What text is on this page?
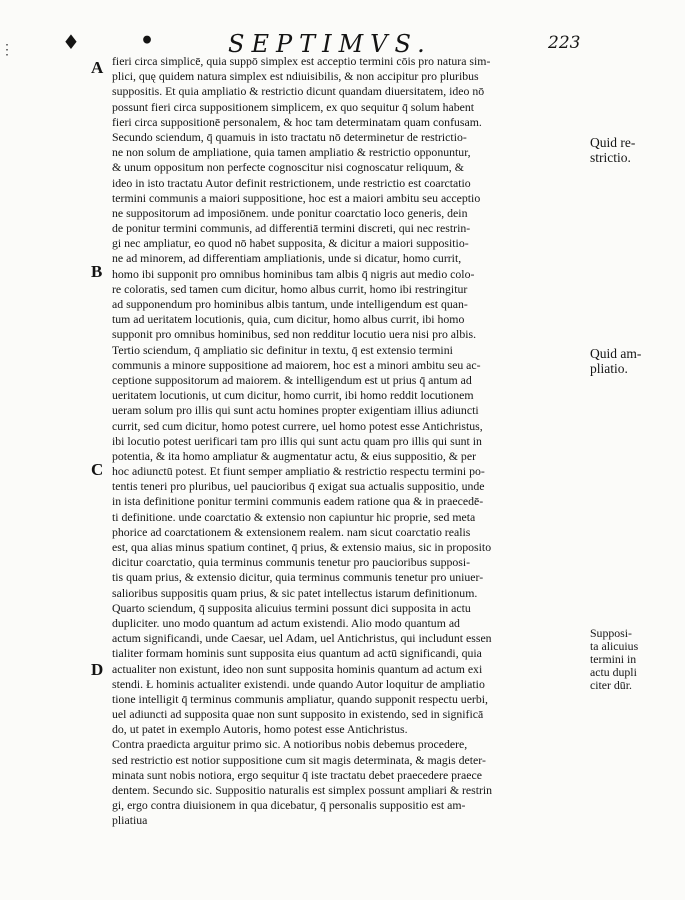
⋮ ♦	•	SEPTIMVS.	223
A
B
C
D
Quid re-
strictio.
Quid am-
pliatio.
Supposi-
ta alicuius
termini in
actu dupli
citer dūr.
fieri circa simplicē, quia suppō simplex est acceptio termini cōis pro natura sim-
plici, quę quidem natura simplex est ndiuisibilis, & non accipitur pro pluribus
suppositis. Et quia ampliatio & restrictio dicunt quandam diuersitatem, ideo nō
possunt fieri circa suppositionem simplicem, ex quo sequitur q̄ solum habent
fieri circa suppositionē personalem, & hoc tam determinatam quam confusam.
Secundo sciendum, q̄ quamuis in isto tractatu nō determinetur de restrictio-
ne non solum de ampliatione, quia tamen ampliatio & restrictio opponuntur,
& unum oppositum non perfecte cognoscitur nisi cognoscatur reliquum, &
ideo in isto tractatu Autor definit restrictionem, unde restrictio est coarctatio
termini communis a maiori suppositione, hoc est a maiori ambitu seu acceptio
ne suppositorum ad imposiōnem. unde ponitur coarctatio loco generis, dein
de ponitur termini communis, ad differentiā termini discreti, qui nec restrin-
gi nec ampliatur, eo quod nō habet supposita, & dicitur a maiori suppositio-
ne ad minorem, ad differentiam ampliationis, unde si dicatur, homo currit,
homo ibi supponit pro omnibus hominibus tam albis q̄ nigris aut medio colo-
re coloratis, sed tamen cum dicitur, homo albus currit, homo ibi restringitur
ad supponendum pro hominibus albis tantum, unde intelligendum est quan-
tum ad ueritatem locutionis, quia, cum dicitur, homo albus currit, ibi homo
supponit pro omnibus hominibus, sed non redditur locutio uera nisi pro albis.
Tertio sciendum, q̄ ampliatio sic definitur in textu, q̄ est extensio termini
communis a minore suppositione ad maiorem, hoc est a minori ambitu seu ac-
ceptione suppositorum ad maiorem. & intelligendum est ut prius q̄ antum ad
ueritatem locutionis, ut cum dicitur, homo currit, ibi homo reddit locutionem
ueram solum pro illis qui sunt actu homines propter exigentiam illius adiuncti
currit, sed cum dicitur, homo potest currere, uel homo potest esse Antichristus,
ibi locutio potest uerificari tam pro illis qui sunt actu quam pro illis qui sunt in
potentia, & ita homo ampliatur & augmentatur actu, & eius suppositio, & per
hoc adiunctū potest. Et fiunt semper ampliatio & restrictio respectu termini po-
tentis teneri pro pluribus, uel paucioribus q̄ exigat sua actualis suppositio, unde
in ista definitione ponitur termini communis eadem ratione qua & in praecedē-
ti definitione. unde coarctatio & extensio non capiuntur hic proprie, sed meta
phorice ad coarctationem & extensionem realem. nam sicut coarctatio realis
est, qua alias minus spatium continet, q̄ prius, & extensio maius, sic in proposito
dicitur coarctatio, quia terminus communis tenetur pro paucioribus supposi-
tis quam prius, & extensio dicitur, quia terminus communis tenetur pro uniuer-
salioribus suppositis quam prius, & sic patet intellectus istarum definitionum.
Quarto sciendum, q̄ supposita alicuius termini possunt dici supposita in actu
dupliciter. uno modo quantum ad actum existendi. Alio modo quantum ad
actum significandi, unde Caesar, uel Adam, uel Antichristus, qui includunt essen
tialiter formam hominis sunt supposita eius quantum ad actū significandi, quia
actualiter non existunt, ideo non sunt supposita hominis quantum ad actum exi
stendi. Ł hominis actualiter existendi. unde quando Autor loquitur de ampliatio
tione intelligit q̄ terminus communis ampliatur, quando supponit respectu uerbi,
uel adiuncti ad supposita quae non sunt supposito in existendo, sed in significā
do, ut patet in exemplo Autoris, homo potest esse Antichristus.
Contra praedicta arguitur primo sic. A notioribus nobis debemus procedere,
sed restrictio est notior suppositione cum sit magis determinata, & magis deter-
minata sunt nobis notiora, ergo sequitur q̄ iste tractatu debet praecedere praece
dentem. Secundo sic. Suppositio naturalis est simplex possunt ampliari & restrin
gi, ergo contra diuisionem in qua dicebatur, q̄ personalis suppositio est am-
pliatiua
